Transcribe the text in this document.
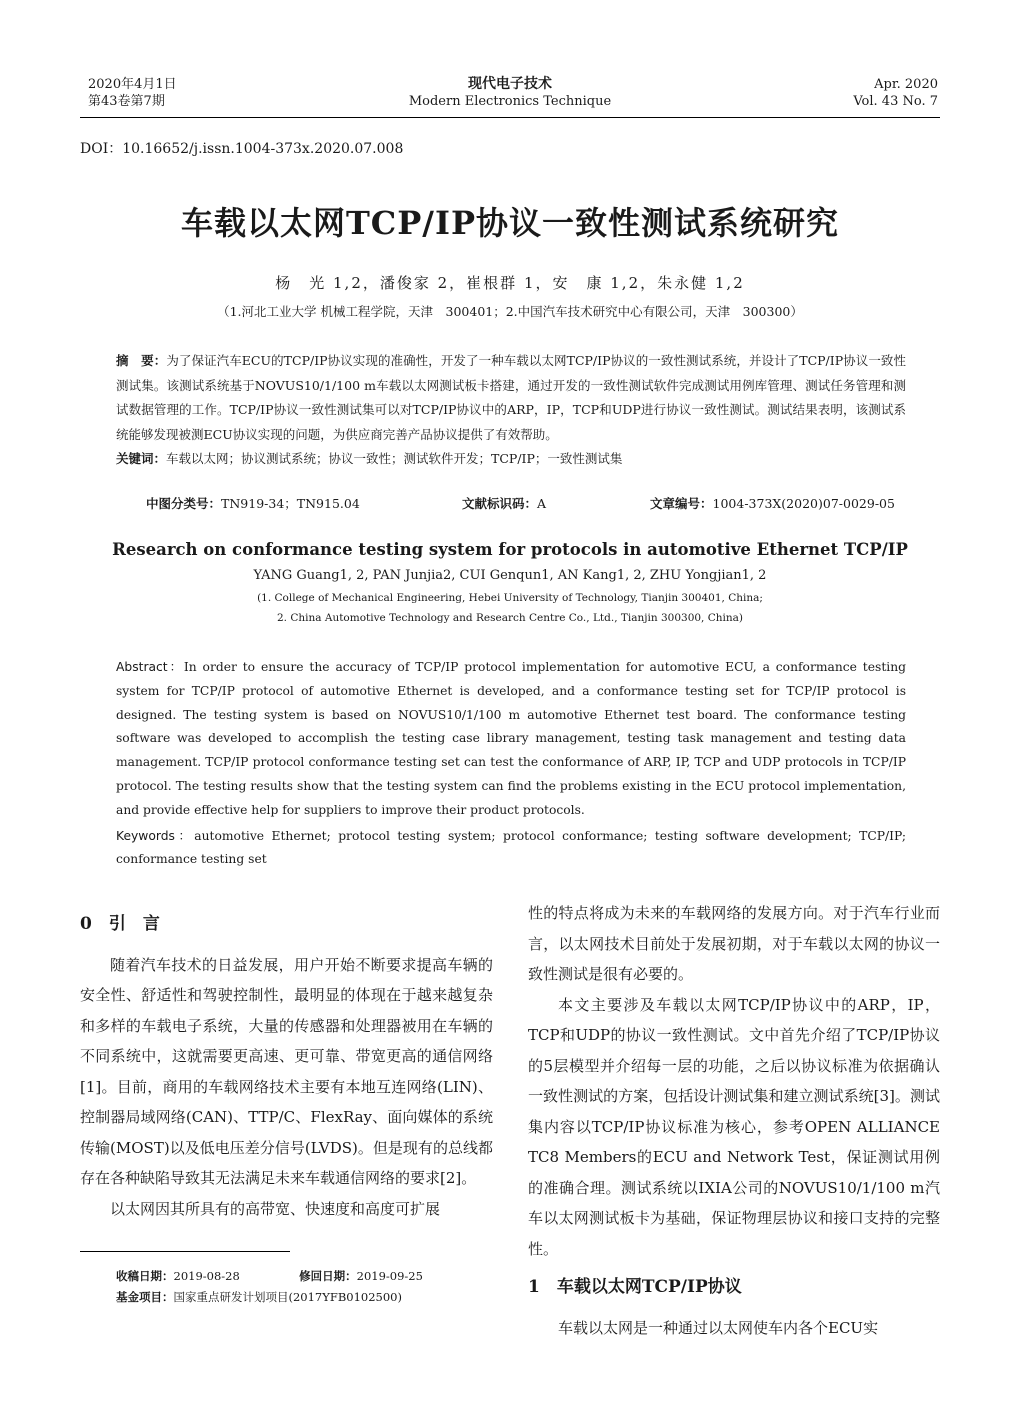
2020年4月1日
第43卷第7期
现代电子技术
Modern Electronics Technique
Apr. 2020
Vol. 43 No. 7
DOI：10.16652/j.issn.1004-373x.2020.07.008
车载以太网TCP/IP协议一致性测试系统研究
杨　光 1,2，潘俊家 2，崔根群 1，安　康 1,2，朱永健 1,2
（1.河北工业大学 机械工程学院，天津　300401；2.中国汽车技术研究中心有限公司，天津　300300）
摘　要：为了保证汽车ECU的TCP/IP协议实现的准确性，开发了一种车载以太网TCP/IP协议的一致性测试系统，并设计了TCP/IP协议一致性测试集。该测试系统基于NOVUS10/1/100 m车载以太网测试板卡搭建，通过开发的一致性测试软件完成测试用例库管理、测试任务管理和测试数据管理的工作。TCP/IP协议一致性测试集可以对TCP/IP协议中的ARP，IP，TCP和UDP进行协议一致性测试。测试结果表明，该测试系统能够发现被测ECU协议实现的问题，为供应商完善产品协议提供了有效帮助。
关键词：车载以太网；协议测试系统；协议一致性；测试软件开发；TCP/IP；一致性测试集
中图分类号：TN919-34；TN915.04	文献标识码：A	文章编号：1004-373X(2020)07-0029-05
Research on conformance testing system for protocols in automotive Ethernet TCP/IP
YANG Guang1, 2, PAN Junjia2, CUI Genqun1, AN Kang1, 2, ZHU Yongjian1, 2
(1. College of Mechanical Engineering, Hebei University of Technology, Tianjin 300401, China;
2. China Automotive Technology and Research Centre Co., Ltd., Tianjin 300300, China)
Abstract：In order to ensure the accuracy of TCP/IP protocol implementation for automotive ECU, a conformance testing system for TCP/IP protocol of automotive Ethernet is developed, and a conformance testing set for TCP/IP protocol is designed. The testing system is based on NOVUS10/1/100 m automotive Ethernet test board. The conformance testing software was developed to accomplish the testing case library management, testing task management and testing data management. TCP/IP protocol conformance testing set can test the conformance of ARP, IP, TCP and UDP protocols in TCP/IP protocol. The testing results show that the testing system can find the problems existing in the ECU protocol implementation, and provide effective help for suppliers to improve their product protocols.
Keywords：automotive Ethernet; protocol testing system; protocol conformance; testing software development; TCP/IP; conformance testing set
0　引　言
随着汽车技术的日益发展，用户开始不断要求提高车辆的安全性、舒适性和驾驶控制性，最明显的体现在于越来越复杂和多样的车载电子系统，大量的传感器和处理器被用在车辆的不同系统中，这就需要更高速、更可靠、带宽更高的通信网络[1]。目前，商用的车载网络技术主要有本地互连网络(LIN)、控制器局域网络(CAN)、TTP/C、FlexRay、面向媒体的系统传输(MOST)以及低电压差分信号(LVDS)。但是现有的总线都存在各种缺陷导致其无法满足未来车载通信网络的要求[2]。
以太网因其所具有的高带宽、快速度和高度可扩展
性的特点将成为未来的车载网络的发展方向。对于汽车行业而言，以太网技术目前处于发展初期，对于车载以太网的协议一致性测试是很有必要的。
本文主要涉及车载以太网TCP/IP协议中的ARP，IP，TCP和UDP的协议一致性测试。文中首先介绍了TCP/IP协议的5层模型并介绍每一层的功能，之后以协议标准为依据确认一致性测试的方案，包括设计测试集和建立测试系统[3]。测试集内容以TCP/IP协议标准为核心，参考OPEN ALLIANCE TC8 Members的ECU and Network Test，保证测试用例的准确合理。测试系统以IXIA公司的NOVUS10/1/100 m汽车以太网测试板卡为基础，保证物理层协议和接口支持的完整性。
1　车载以太网TCP/IP协议
车载以太网是一种通过以太网使车内各个ECU实
收稿日期：2019-08-28	修回日期：2019-09-25
基金项目：国家重点研发计划项目(2017YFB0102500)
